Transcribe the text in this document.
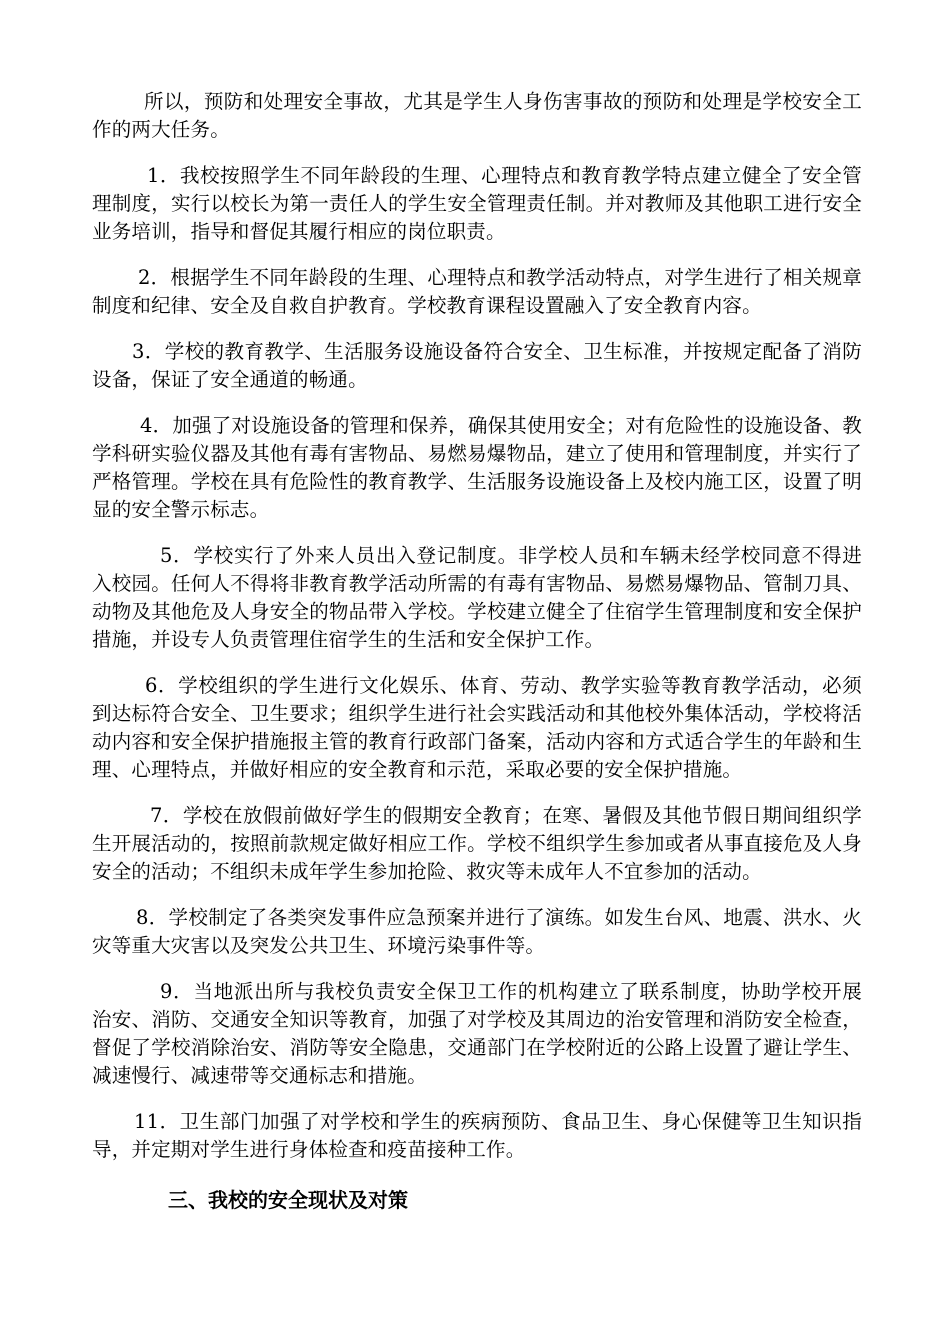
所以，预防和处理安全事故，尤其是学生人身伤害事故的预防和处理是学校安全工作的两大任务。

1．我校按照学生不同年龄段的生理、心理特点和教育教学特点建立健全了安全管理制度，实行以校长为第一责任人的学生安全管理责任制。并对教师及其他职工进行安全业务培训，指导和督促其履行相应的岗位职责。

2．根据学生不同年龄段的生理、心理特点和教学活动特点，对学生进行了相关规章制度和纪律、安全及自救自护教育。学校教育课程设置融入了安全教育内容。

3．学校的教育教学、生活服务设施设备符合安全、卫生标准，并按规定配备了消防设备，保证了安全通道的畅通。

4．加强了对设施设备的管理和保养，确保其使用安全；对有危险性的设施设备、教学科研实验仪器及其他有毒有害物品、易燃易爆物品，建立了使用和管理制度，并实行了严格管理。学校在具有危险性的教育教学、生活服务设施设备上及校内施工区，设置了明显的安全警示标志。

5．学校实行了外来人员出入登记制度。非学校人员和车辆未经学校同意不得进入校园。任何人不得将非教育教学活动所需的有毒有害物品、易燃易爆物品、管制刀具、动物及其他危及人身安全的物品带入学校。学校建立健全了住宿学生管理制度和安全保护措施，并设专人负责管理住宿学生的生活和安全保护工作。

6．学校组织的学生进行文化娱乐、体育、劳动、教学实验等教育教学活动，必须到达标符合安全、卫生要求；组织学生进行社会实践活动和其他校外集体活动，学校将活动内容和安全保护措施报主管的教育行政部门备案，活动内容和方式适合学生的年龄和生理、心理特点，并做好相应的安全教育和示范，采取必要的安全保护措施。

7．学校在放假前做好学生的假期安全教育；在寒、暑假及其他节假日期间组织学生开展活动的，按照前款规定做好相应工作。学校不组织学生参加或者从事直接危及人身安全的活动；不组织未成年学生参加抢险、救灾等未成年人不宜参加的活动。

8．学校制定了各类突发事件应急预案并进行了演练。如发生台风、地震、洪水、火灾等重大灾害以及突发公共卫生、环境污染事件等。

9．当地派出所与我校负责安全保卫工作的机构建立了联系制度，协助学校开展治安、消防、交通安全知识等教育，加强了对学校及其周边的治安管理和消防安全检查，督促了学校消除治安、消防等安全隐患，交通部门在学校附近的公路上设置了避让学生、减速慢行、减速带等交通标志和措施。

11．卫生部门加强了对学校和学生的疾病预防、食品卫生、身心保健等卫生知识指导，并定期对学生进行身体检查和疫苗接种工作。

三、我校的安全现状及对策
